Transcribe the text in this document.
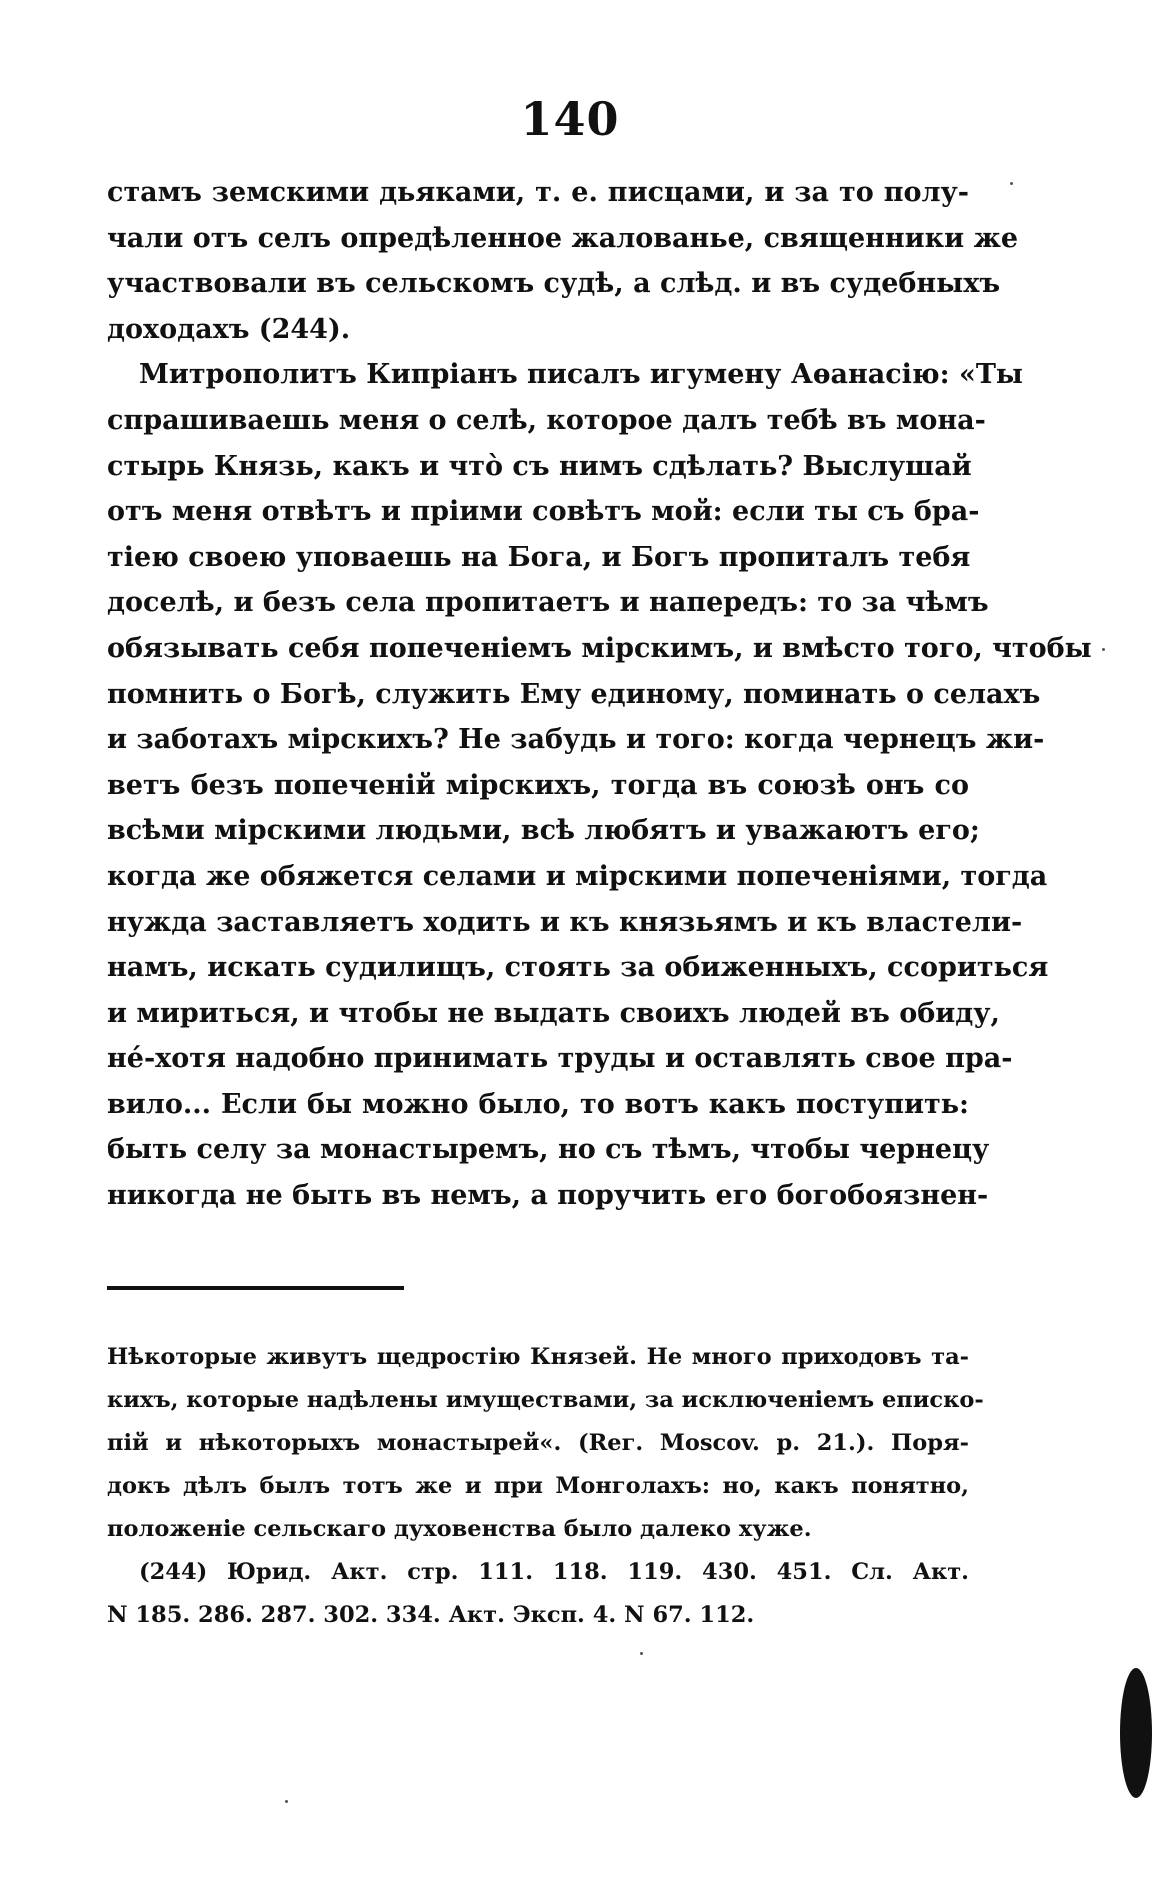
140
стамъ земскими дьяками, т. е. писцами, и за то полу-
чали отъ селъ опредѣленное жалованье, священники же
участвовали въ сельскомъ судѣ, а слѣд. и въ судебныхъ
доходахъ (244).
Митрополитъ Кипріанъ писалъ игумену Аѳанасію: «Ты
спрашиваешь меня о селѣ, которое далъ тебѣ въ мона-
стырь Князь, какъ и что̀ съ нимъ сдѣлать? Выслушай
отъ меня отвѣтъ и пріими совѣтъ мой: если ты съ бра-
тіею своею уповаешь на Бога, и Богъ пропиталъ тебя
доселѣ, и безъ села пропитаетъ и напередъ: то за чѣмъ
обязывать себя попеченіемъ мірскимъ, и вмѣсто того, чтобы
помнить о Богѣ, служить Ему единому, поминать о селахъ
и заботахъ мірскихъ? Не забудь и того: когда чернецъ жи-
ветъ безъ попеченій мірскихъ, тогда въ союзѣ онъ со
всѣми мірскими людьми, всѣ любятъ и уважаютъ его;
когда же обяжется селами и мірскими попеченіями, тогда
нужда заставляетъ ходить и къ князьямъ и къ властели-
намъ, искать судилищъ, стоять за обиженныхъ, ссориться
и мириться, и чтобы не выдать своихъ людей въ обиду,
нé-хотя надобно принимать труды и оставлять свое пра-
вило... Если бы можно было, то вотъ какъ поступить:
быть селу за монастыремъ, но съ тѣмъ, чтобы чернецу
никогда не быть въ немъ, а поручить его богобоязнен-
Нѣкоторые живутъ щедростію Князей. Не много приходовъ та-
кихъ, которые надѣлены имуществами, за исключеніемъ еписко-
пій и нѣкоторыхъ монастырей«. (Reг. Moscov. p. 21.). Поря-
докъ дѣлъ былъ тотъ же и при Монголахъ: но, какъ понятно,
положеніе сельскаго духовенства было далеко хуже.
(244) Юрид. Акт. стр. 111. 118. 119. 430. 451. Сл. Акт.
N 185. 286. 287. 302. 334. Акт. Эксп. 4. N 67. 112.
